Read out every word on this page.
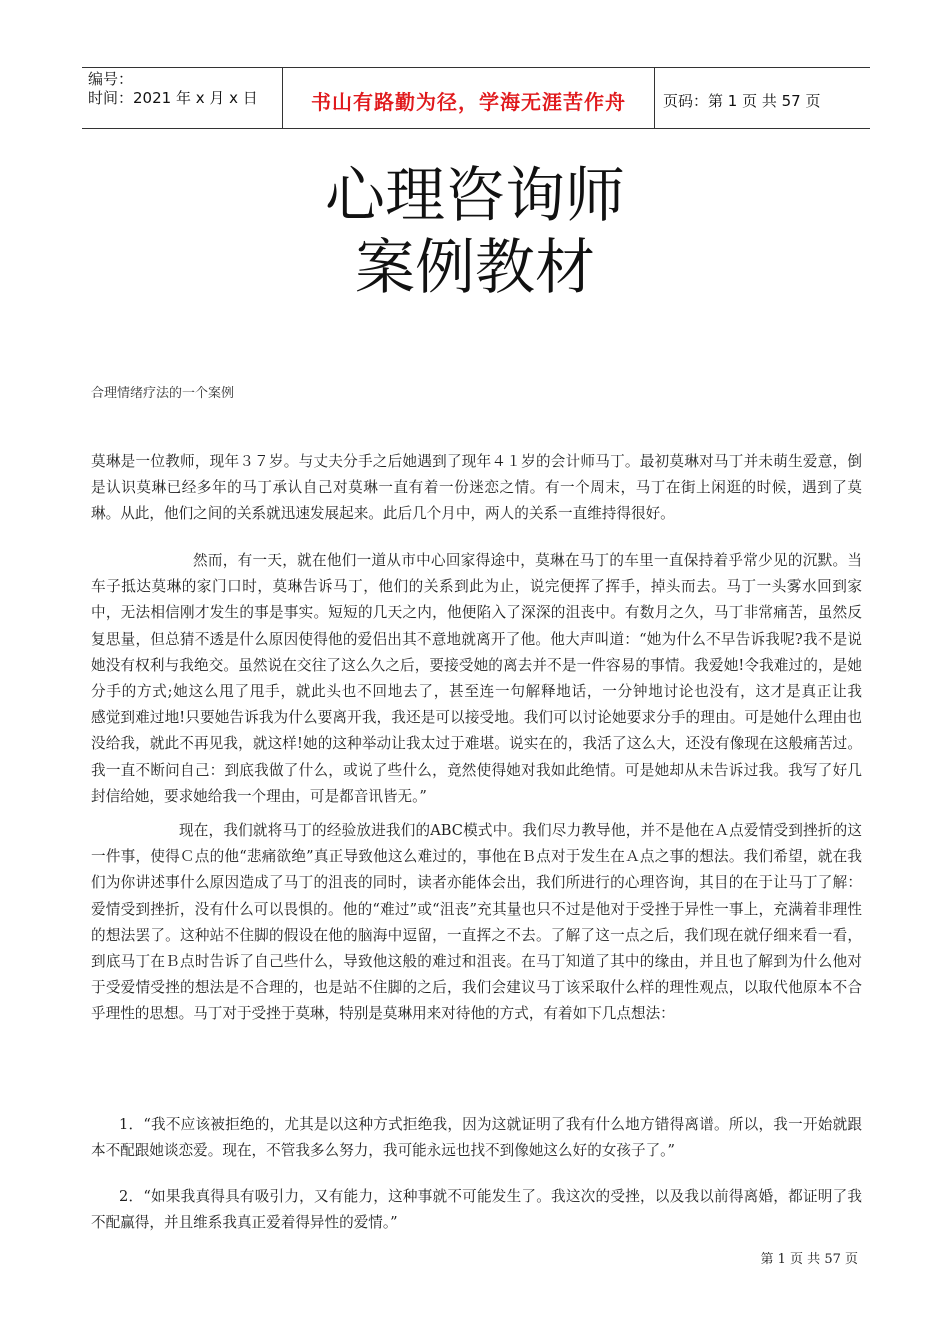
编号：
时间：2021 年 x 月 x 日	书山有路勤为径，学海无涯苦作舟 页码：第 1 页 共 57 页
心理咨询师
案例教材
合理情绪疗法的一个案例

莫琳是一位教师，现年３７岁。与丈夫分手之后她遇到了现年４１岁的会计师马丁。最初莫琳对马丁并未萌生爱意，倒是认识莫琳已经多年的马丁承认自己对莫琳一直有着一份迷恋之情。有一个周末，马丁在街上闲逛的时候，遇到了莫琳。从此，他们之间的关系就迅速发展起来。此后几个月中，两人的关系一直维持得很好。

然而，有一天，就在他们一道从市中心回家得途中，莫琳在马丁的车里一直保持着乎常少见的沉默。当车子抵达莫琳的家门口时，莫琳告诉马丁，他们的关系到此为止，说完便挥了挥手，掉头而去。马丁一头雾水回到家中，无法相信刚才发生的事是事实。短短的几天之内，他便陷入了深深的沮丧中。有数月之久，马丁非常痛苦，虽然反复思量，但总猜不透是什么原因使得他的爱侣出其不意地就离开了他。他大声叫道：“她为什么不早告诉我呢?我不是说她没有权利与我绝交。虽然说在交往了这么久之后，要接受她的离去并不是一件容易的事情。我爱她!令我难过的，是她分手的方式;她这么甩了甩手，就此头也不回地去了，甚至连一句解释地话，一分钟地讨论也没有，这才是真正让我　　感觉到难过地!只要她告诉我为什么要离开我，我还是可以接受地。我们可以讨论她要求分手的理由。可是她什么理由也没给我，就此不再见我，就这样!她的这种举动让我太过于难堪。说实在的，我活了这么大，还没有像现在这般痛苦过。我一直不断问自己：到底我做了什么，或说了些什么，竟然使得她对我如此绝情。可是她却从未告诉过我。我写了好几封信给她，要求她给我一个理由，可是都音讯皆无。”

现在，我们就将马丁的经验放进我们的ABC模式中。我们尽力教导他，并不是他在Ａ点爱情受到挫折的这一件事，使得Ｃ点的他“悲痛欲绝”真正导致他这么难过的，事他在Ｂ点对于发生在Ａ点之事的想法。我们希望，就在我们为你讲述事什么原因造成了马丁的沮丧的同时，读者亦能体会出，我们所进行的心理咨询，其目的在于让马丁了解：爱情受到挫折，没有什么可以畏惧的。他的“难过”或“沮丧”充其量也只不过是他对于受挫于异性一事上，充满着非理性的想法罢了。这种站不住脚的假设在他的脑海中逗留，一直挥之不去。了解了这一点之后，我们现在就仔细来看一看，到底马丁在Ｂ点时告诉了自己些什么，导致他这般的难过和沮丧。在马丁知道了其中的缘由，并且也了解到为什么他对于受爱情受挫的想法是不合理的，也是站不住脚的之后，我们会建议马丁该采取什么样的理性观点，以取代他原本不合乎理性的思想。马丁对于受挫于莫琳，特别是莫琳用来对待他的方式，有着如下几点想法：

1．“我不应该被拒绝的，尤其是以这种方式拒绝我，因为这就证明了我有什么地方错得离谱。所以，我一开始就跟本不配跟她谈恋爱。现在，不管我多么努力，我可能永远也找不到像她这么好的女孩子了。”

2．“如果我真得具有吸引力，又有能力，这种事就不可能发生了。我这次的受挫，以及我以前得离婚，都证明了我不配赢得，并且维系我真正爱着得异性的爱情。”

第 1 页 共 57 页
